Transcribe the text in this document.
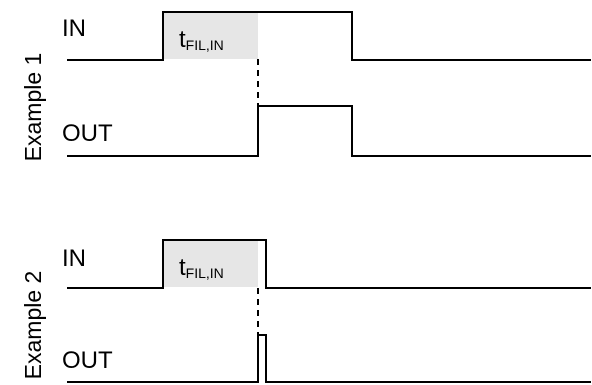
Example 1
tFIL,IN
IN
OUT
Example 2
tFIL,IN
IN
OUT
